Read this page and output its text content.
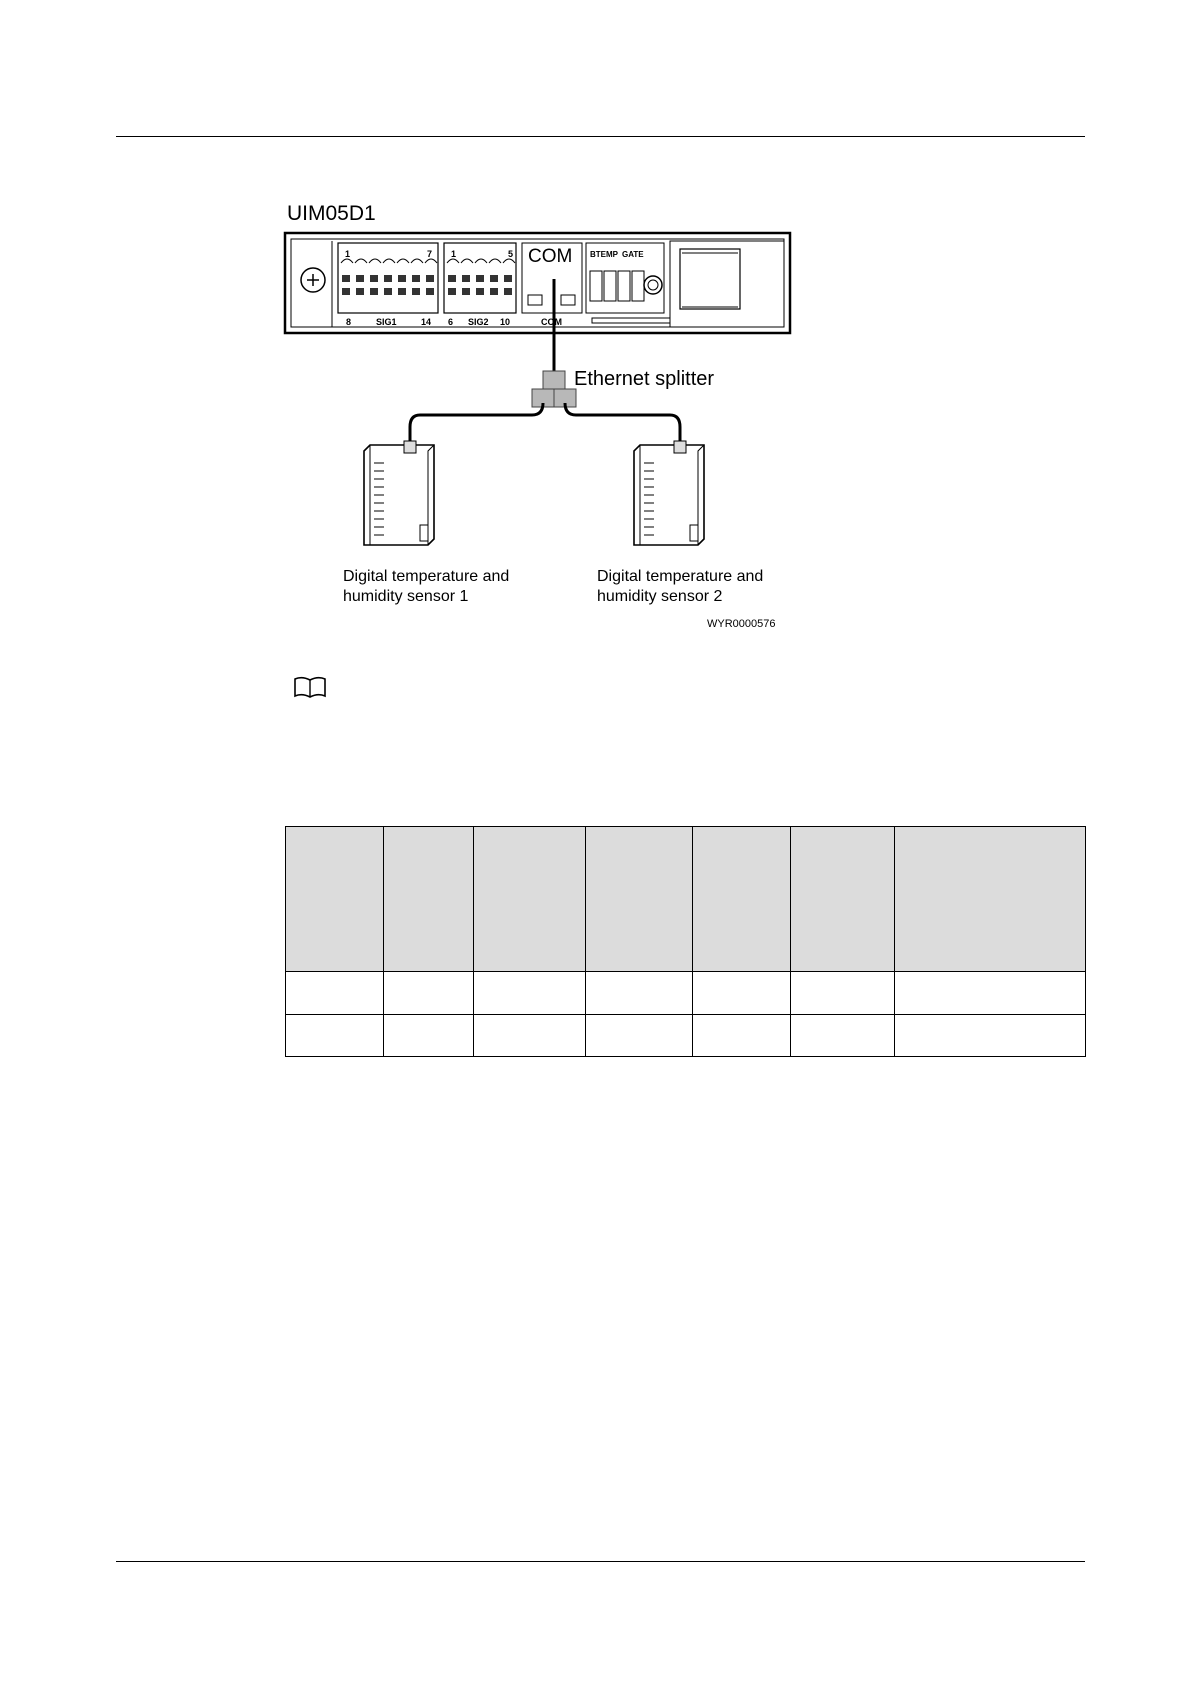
UIM05D1
1	7 1	5
8	SIG1	14 6 SIG2 10	COM
COM BTEMP GATE
Ethernet splitter
Digital temperature and
humidity sensor 1
Digital temperature and
humidity sensor 2
WYR0000576
